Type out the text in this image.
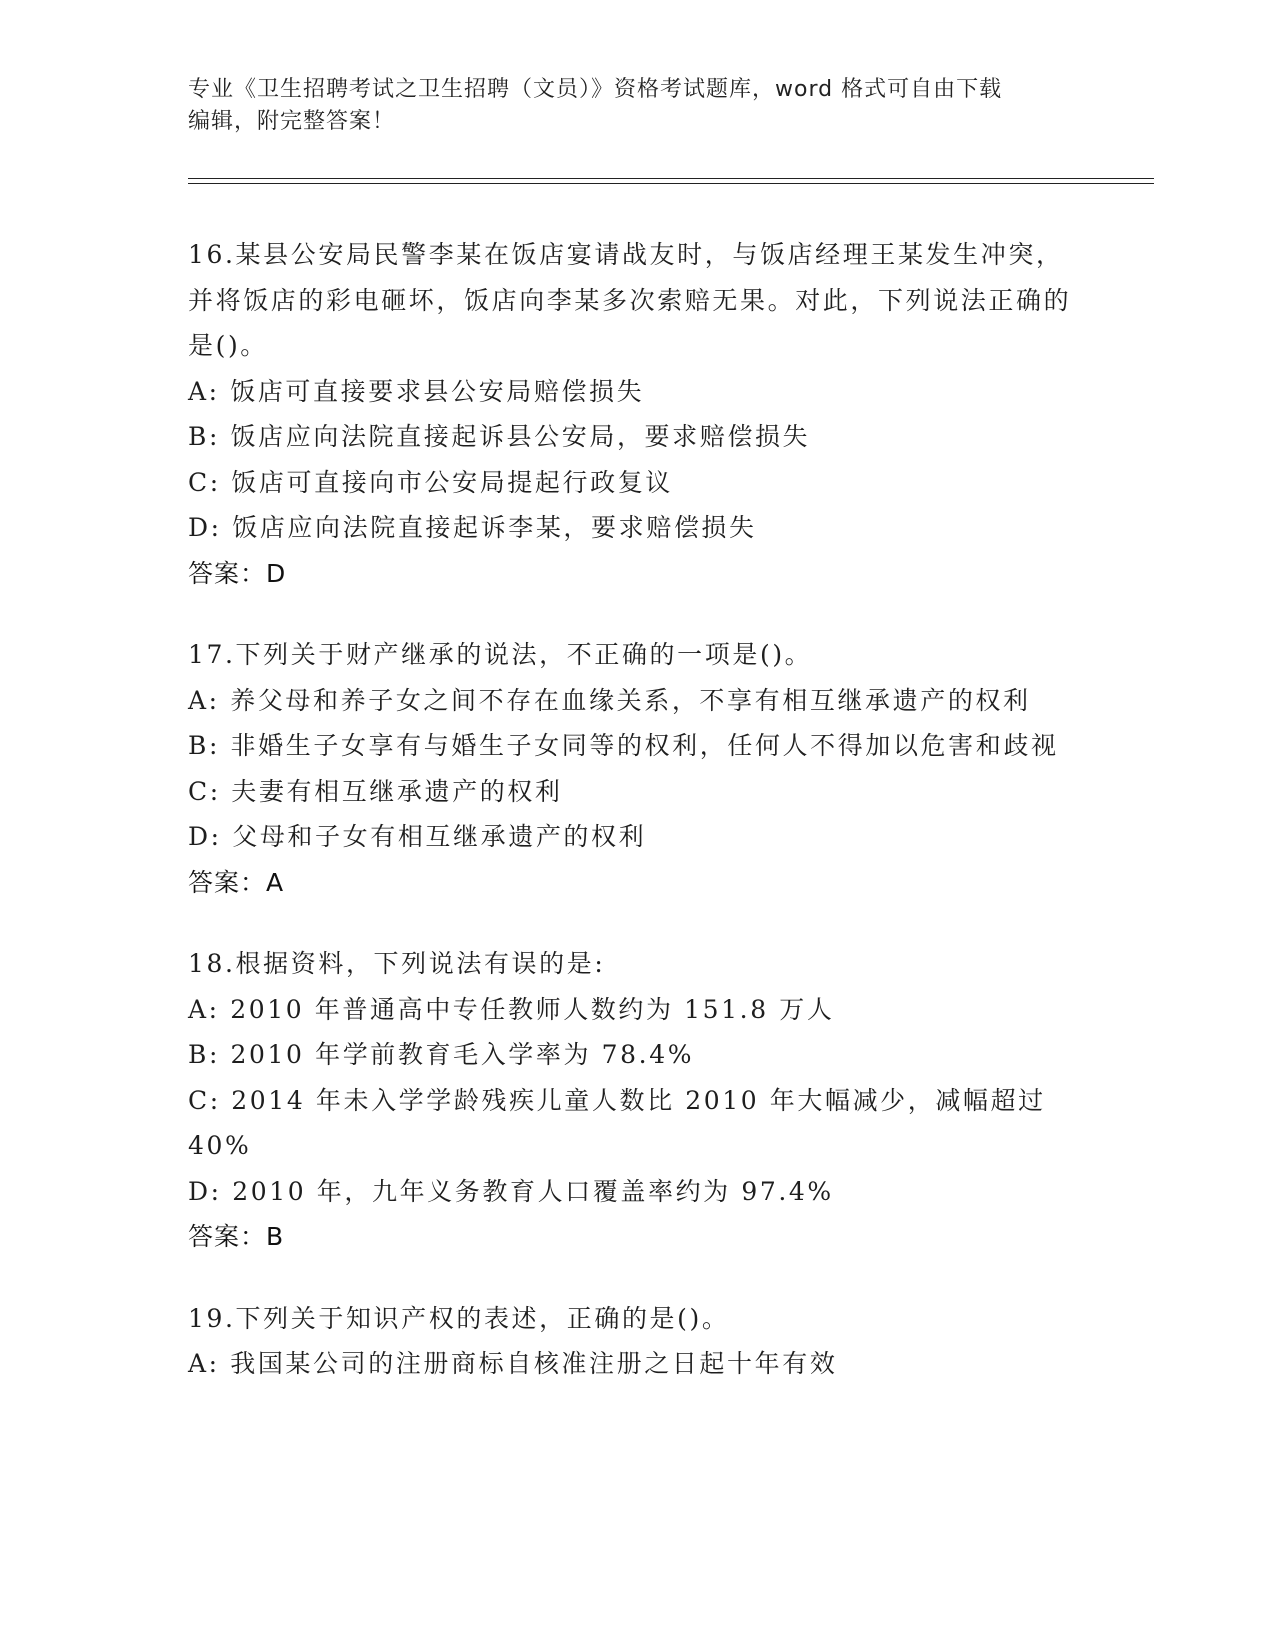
专业《卫生招聘考试之卫生招聘（文员）》资格考试题库，word 格式可自由下载
编辑，附完整答案！
16.某县公安局民警李某在饭店宴请战友时，与饭店经理王某发生冲突，并将饭店的彩电砸坏，饭店向李某多次索赔无果。对此，下列说法正确的是()。
A: 饭店可直接要求县公安局赔偿损失
B: 饭店应向法院直接起诉县公安局，要求赔偿损失
C: 饭店可直接向市公安局提起行政复议
D: 饭店应向法院直接起诉李某，要求赔偿损失
答案：D
17.下列关于财产继承的说法，不正确的一项是()。
A: 养父母和养子女之间不存在血缘关系，不享有相互继承遗产的权利
B: 非婚生子女享有与婚生子女同等的权利，任何人不得加以危害和歧视
C: 夫妻有相互继承遗产的权利
D: 父母和子女有相互继承遗产的权利
答案：A
18.根据资料，下列说法有误的是:
A: 2010 年普通高中专任教师人数约为 151.8 万人
B: 2010 年学前教育毛入学率为 78.4%
C: 2014 年未入学学龄残疾儿童人数比 2010 年大幅减少，减幅超过 40%
D: 2010 年，九年义务教育人口覆盖率约为 97.4%
答案：B
19.下列关于知识产权的表述，正确的是()。
A: 我国某公司的注册商标自核准注册之日起十年有效
